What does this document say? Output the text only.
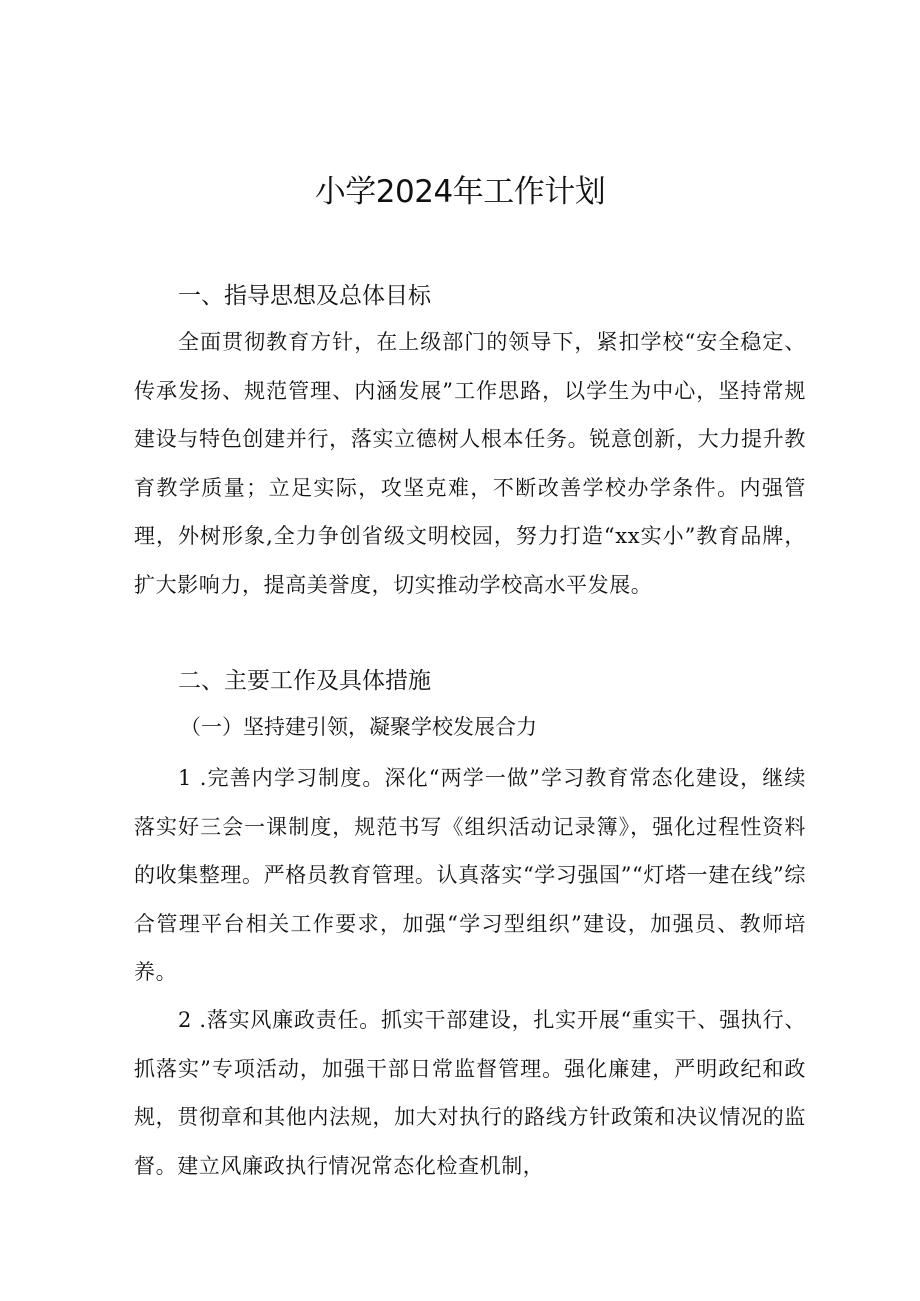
小学2024年工作计划
一、指导思想及总体目标

全面贯彻教育方针，在上级部门的领导下，紧扣学校“安全稳定、传承发扬、规范管理、内涵发展”工作思路，以学生为中心，坚持常规建设与特色创建并行，落实立德树人根本任务。锐意创新，大力提升教育教学质量；立足实际，攻坚克难，不断改善学校办学条件。内强管理，外树形象,全力争创省级文明校园，努力打造“xx实小”教育品牌，扩大影响力，提高美誉度，切实推动学校高水平发展。

二、主要工作及具体措施
（一）坚持建引领，凝聚学校发展合力

1 .完善内学习制度。深化“两学一做”学习教育常态化建设，继续落实好三会一课制度，规范书写《组织活动记录簿》，强化过程性资料的收集整理。严格员教育管理。认真落实“学习强国”“灯塔一建在线”综合管理平台相关工作要求，加强“学习型组织”建设，加强员、教师培养。

2 .落实风廉政责任。抓实干部建设，扎实开展“重实干、强执行、抓落实”专项活动，加强干部日常监督管理。强化廉建，严明政纪和政规，贯彻章和其他内法规，加大对执行的路线方针政策和决议情况的监督。建立风廉政执行情况常态化检查机制，
